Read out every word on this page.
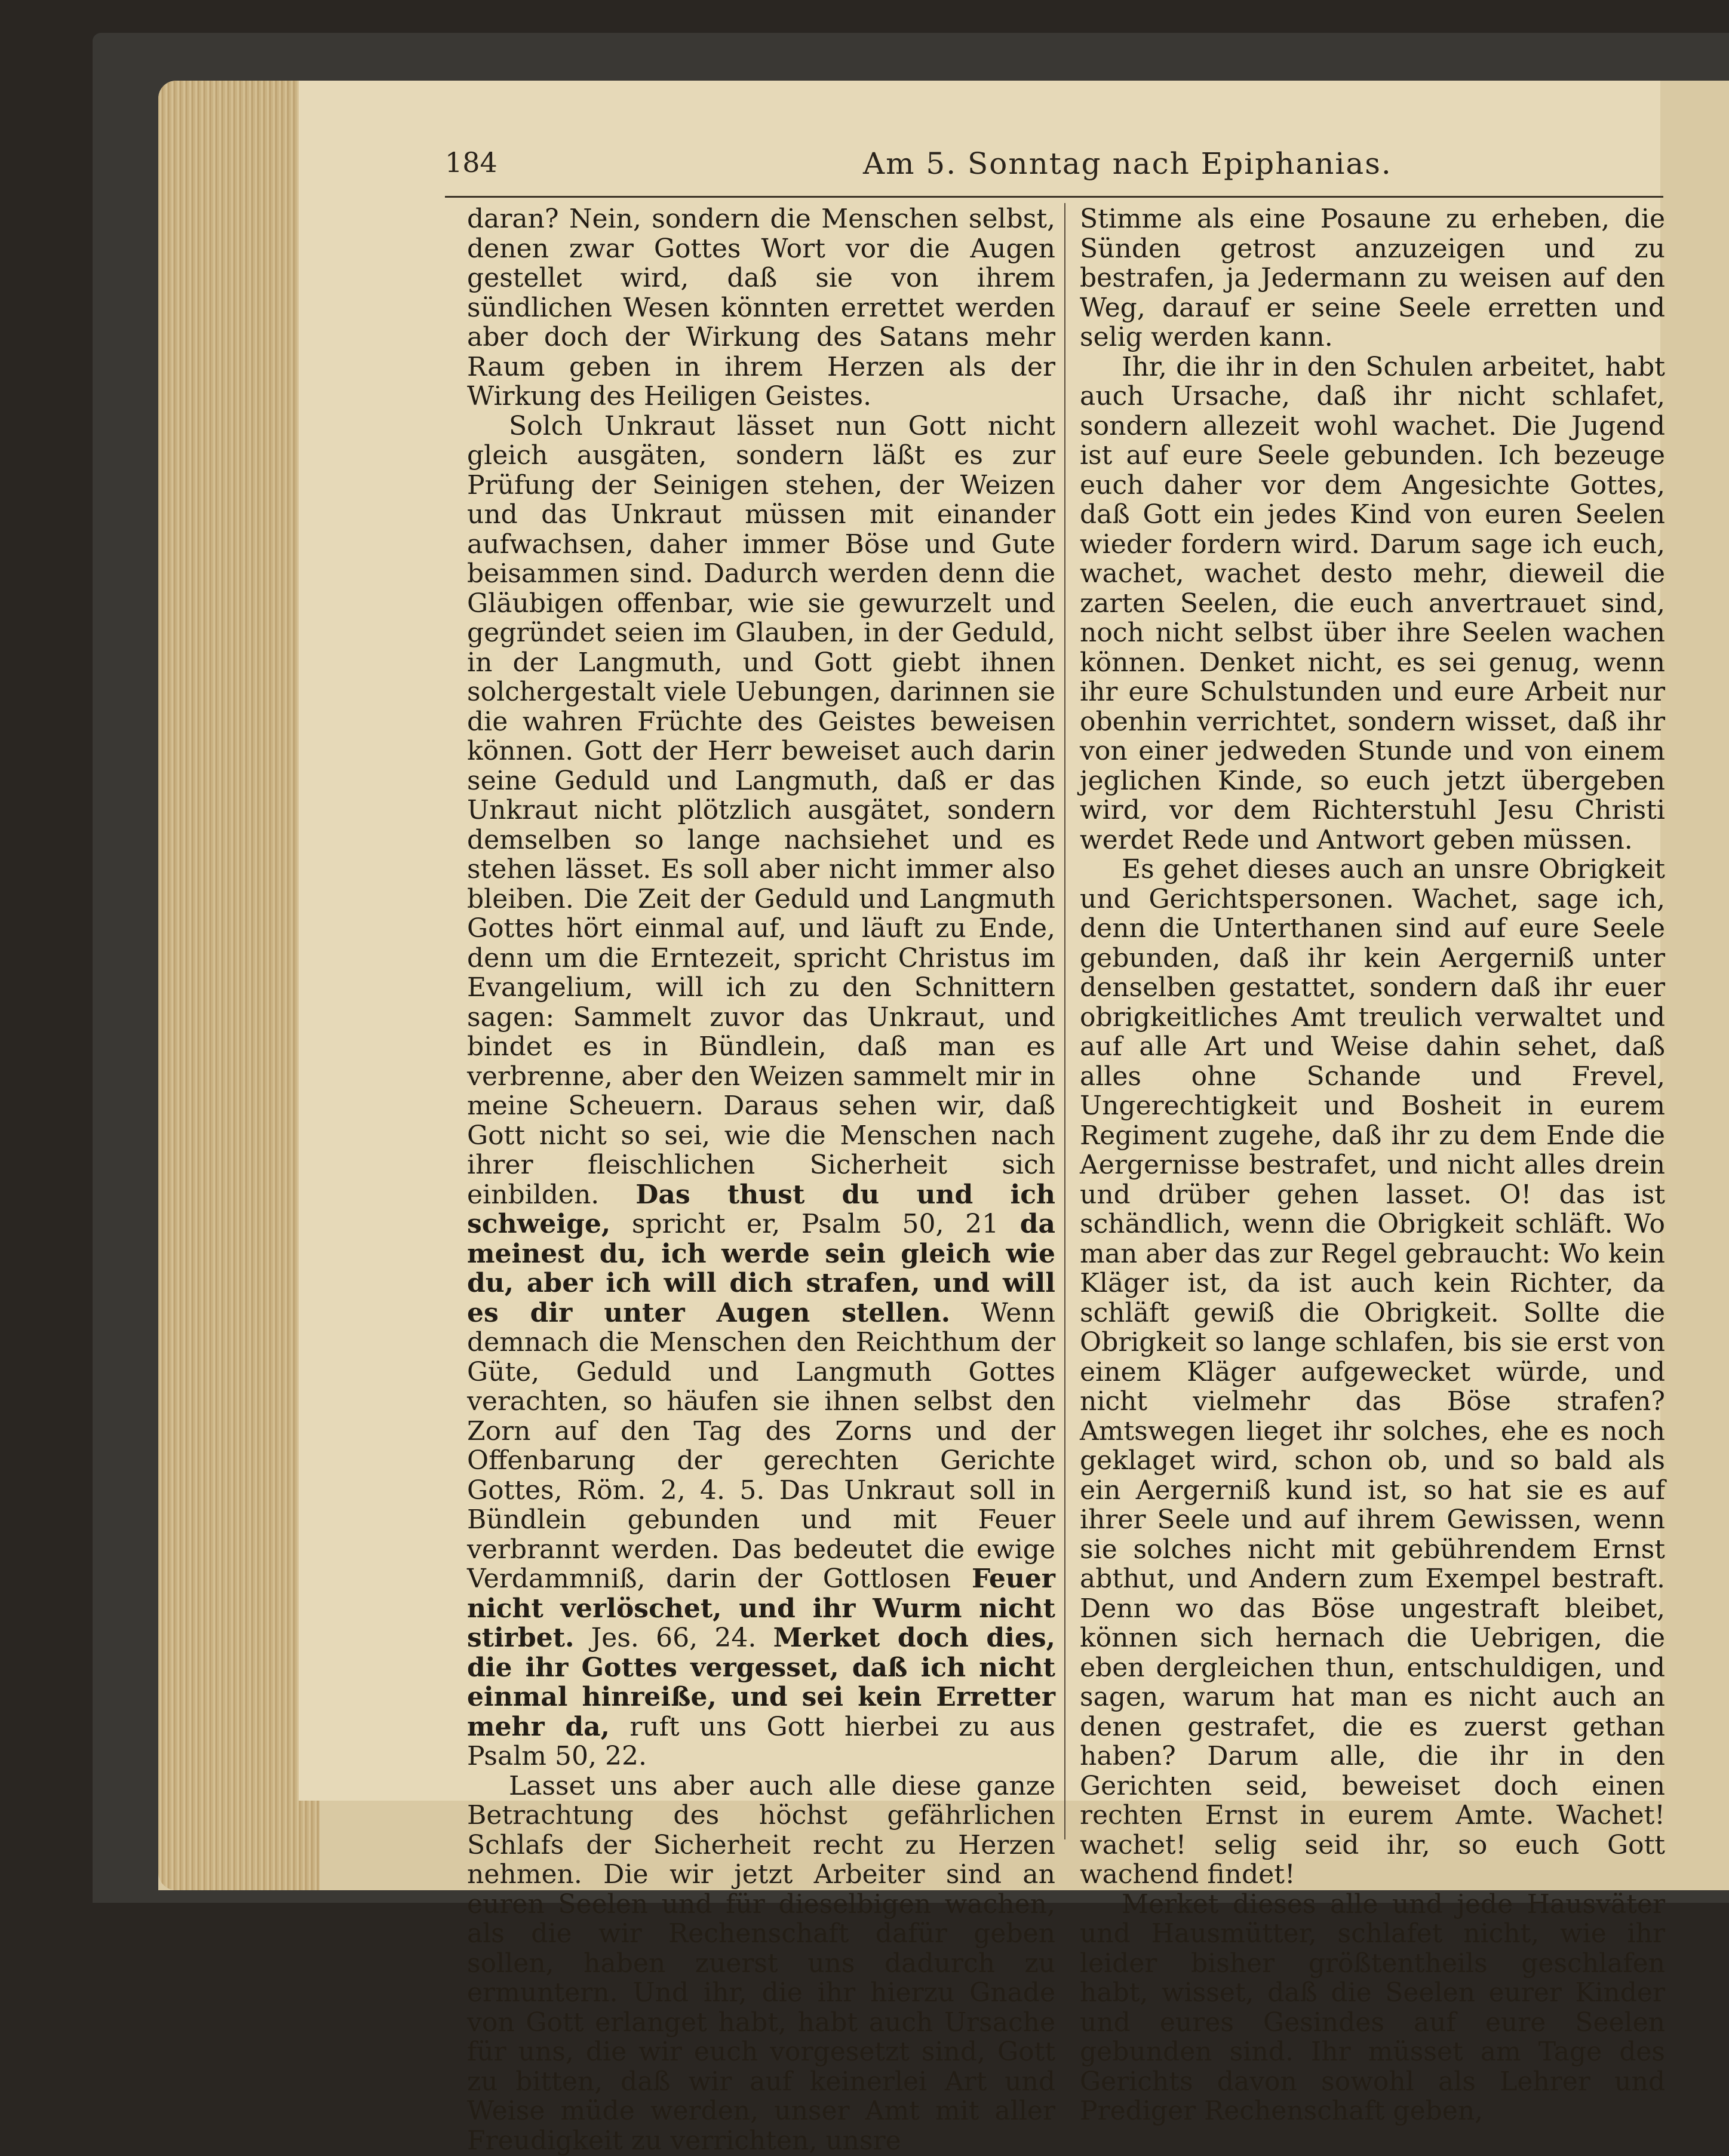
184	Am 5. Sonntag nach Epiphanias.

daran? Nein, sondern die Menschen selbst, denen zwar Gottes Wort vor die Augen gestellet wird, daß sie von ihrem sündlichen Wesen könnten errettet werden aber doch der Wirkung des Satans mehr Raum geben in ihrem Herzen als der Wirkung des Heiligen Geistes.

Solch Unkraut lässet nun Gott nicht gleich ausgäten, sondern läßt es zur Prüfung der Seinigen stehen, der Weizen und das Unkraut müssen mit einander aufwachsen, daher immer Böse und Gute beisammen sind. Dadurch werden denn die Gläubigen offenbar, wie sie gewurzelt und gegründet seien im Glauben, in der Geduld, in der Langmuth, und Gott giebt ihnen solchergestalt viele Uebungen, darinnen sie die wahren Früchte des Geistes beweisen können. Gott der Herr beweiset auch darin seine Geduld und Langmuth, daß er das Unkraut nicht plötzlich ausgätet, sondern demselben so lange nachsiehet und es stehen lässet. Es soll aber nicht immer also bleiben. Die Zeit der Geduld und Langmuth Gottes hört einmal auf, und läuft zu Ende, denn um die Erntezeit, spricht Christus im Evangelium, will ich zu den Schnittern sagen: Sammelt zuvor das Unkraut, und bindet es in Bündlein, daß man es verbrenne, aber den Weizen sammelt mir in meine Scheuern. Daraus sehen wir, daß Gott nicht so sei, wie die Menschen nach ihrer fleischlichen Sicherheit sich einbilden. Das thust du und ich schweige, spricht er, Psalm 50, 21 da meinest du, ich werde sein gleich wie du, aber ich will dich strafen, und will es dir unter Augen stellen. Wenn demnach die Menschen den Reichthum der Güte, Geduld und Langmuth Gottes verachten, so häufen sie ihnen selbst den Zorn auf den Tag des Zorns und der Offenbarung der gerechten Gerichte Gottes, Röm. 2, 4. 5. Das Unkraut soll in Bündlein gebunden und mit Feuer verbrannt werden. Das bedeutet die ewige Verdammniß, darin der Gottlosen Feuer nicht verlöschet, und ihr Wurm nicht stirbet. Jes. 66, 24. Merket doch dies, die ihr Gottes vergesset, daß ich nicht einmal hinreiße, und sei kein Erretter mehr da, ruft uns Gott hierbei zu aus Psalm 50, 22.

Lasset uns aber auch alle diese ganze Betrachtung des höchst gefährlichen Schlafs der Sicherheit recht zu Herzen nehmen. Die wir jetzt Arbeiter sind an euren Seelen und für dieselbigen wachen, als die wir Rechenschaft dafür geben sollen, haben zuerst uns dadurch zu ermuntern. Und ihr, die ihr hierzu Gnade von Gott erlanget habt, habt auch Ursache für uns, die wir euch vorgesetzt sind, Gott zu bitten, daß wir auf keinerlei Art und Weise müde werden, unser Amt mit aller Freudigkeit zu verrichten, unsre

Stimme als eine Posaune zu erheben, die Sünden getrost anzuzeigen und zu bestrafen, ja Jedermann zu weisen auf den Weg, darauf er seine Seele erretten und selig werden kann.

Ihr, die ihr in den Schulen arbeitet, habt auch Ursache, daß ihr nicht schlafet, sondern allezeit wohl wachet. Die Jugend ist auf eure Seele gebunden. Ich bezeuge euch daher vor dem Angesichte Gottes, daß Gott ein jedes Kind von euren Seelen wieder fordern wird. Darum sage ich euch, wachet, wachet desto mehr, dieweil die zarten Seelen, die euch anvertrauet sind, noch nicht selbst über ihre Seelen wachen können. Denket nicht, es sei genug, wenn ihr eure Schulstunden und eure Arbeit nur obenhin verrichtet, sondern wisset, daß ihr von einer jedweden Stunde und von einem jeglichen Kinde, so euch jetzt übergeben wird, vor dem Richterstuhl Jesu Christi werdet Rede und Antwort geben müssen.

Es gehet dieses auch an unsre Obrigkeit und Gerichtspersonen. Wachet, sage ich, denn die Unterthanen sind auf eure Seele gebunden, daß ihr kein Aergerniß unter denselben gestattet, sondern daß ihr euer obrigkeitliches Amt treulich verwaltet und auf alle Art und Weise dahin sehet, daß alles ohne Schande und Frevel, Ungerechtigkeit und Bosheit in eurem Regiment zugehe, daß ihr zu dem Ende die Aergernisse bestrafet, und nicht alles drein und drüber gehen lasset. O! das ist schändlich, wenn die Obrigkeit schläft. Wo man aber das zur Regel gebraucht: Wo kein Kläger ist, da ist auch kein Richter, da schläft gewiß die Obrigkeit. Sollte die Obrigkeit so lange schlafen, bis sie erst von einem Kläger aufgewecket würde, und nicht vielmehr das Böse strafen? Amtswegen lieget ihr solches, ehe es noch geklaget wird, schon ob, und so bald als ein Aergerniß kund ist, so hat sie es auf ihrer Seele und auf ihrem Gewissen, wenn sie solches nicht mit gebührendem Ernst abthut, und Andern zum Exempel bestraft. Denn wo das Böse ungestraft bleibet, können sich hernach die Uebrigen, die eben dergleichen thun, entschuldigen, und sagen, warum hat man es nicht auch an denen gestrafet, die es zuerst gethan haben? Darum alle, die ihr in den Gerichten seid, beweiset doch einen rechten Ernst in eurem Amte. Wachet! wachet! selig seid ihr, so euch Gott wachend findet!

Merket dieses alle und jede Hausväter und Hausmütter, schlafet nicht, wie ihr leider bisher größtentheils geschlafen habt, wisset, daß die Seelen eurer Kinder und eures Gesindes auf eure Seelen gebunden sind. Ihr müsset am Tage des Gerichts davon sowohl als Lehrer und Prediger Rechenschaft geben,
